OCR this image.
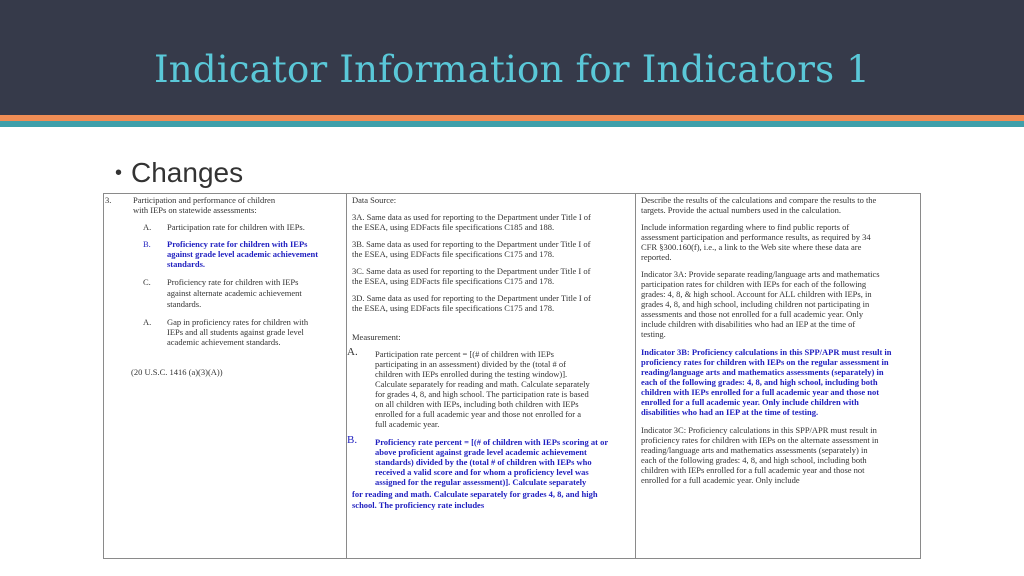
Indicator Information for Indicators 1
• Changes
3.	Participation and performance of children
with IEPs on statewide assessments:
A. Participation rate for children with IEPs.
B. Proficiency rate for children with IEPs
against grade level academic achievement
standards.
C. Proficiency rate for children with IEPs
against alternate academic achievement
standards.
A. Gap in proficiency rates for children with
IEPs and all students against grade level
academic achievement standards.
(20 U.S.C. 1416 (a)(3)(A))
Data Source:
3A. Same data as used for reporting to the Department under Title I of
the ESEA, using EDFacts file specifications C185 and 188.
3B. Same data as used for reporting to the Department under Title I of
the ESEA, using EDFacts file specifications C175 and 178.
3C. Same data as used for reporting to the Department under Title I of
the ESEA, using EDFacts file specifications C175 and 178.
3D. Same data as used for reporting to the Department under Title I of
the ESEA, using EDFacts file specifications C175 and 178.
Measurement:
A. Participation rate percent = [(# of children with IEPs
participating in an assessment) divided by the (total # of
children with IEPs enrolled during the testing window)].
Calculate separately for reading and math. Calculate separately
for grades 4, 8, and high school. The participation rate is based
on all children with IEPs, including both children with IEPs
enrolled for a full academic year and those not enrolled for a
full academic year.
B. Proficiency rate percent = [(# of children with IEPs scoring at or
above proficient against grade level academic achievement
standards) divided by the (total # of children with IEPs who
received a valid score and for whom a proficiency level was
assigned for the regular assessment)]. Calculate separately
for reading and math. Calculate separately for grades 4, 8, and high
school. The proficiency rate includes
Describe the results of the calculations and compare the results to the
targets. Provide the actual numbers used in the calculation.
Include information regarding where to find public reports of
assessment participation and performance results, as required by 34
CFR §300.160(f), i.e., a link to the Web site where these data are
reported.
Indicator 3A: Provide separate reading/language arts and mathematics
participation rates for children with IEPs for each of the following
grades: 4, 8, & high school. Account for ALL children with IEPs, in
grades 4, 8, and high school, including children not participating in
assessments and those not enrolled for a full academic year. Only
include children with disabilities who had an IEP at the time of
testing.
Indicator 3B: Proficiency calculations in this SPP/APR must result in
proficiency rates for children with IEPs on the regular assessment in
reading/language arts and mathematics assessments (separately) in
each of the following grades: 4, 8, and high school, including both
children with IEPs enrolled for a full academic year and those not
enrolled for a full academic year. Only include children with
disabilities who had an IEP at the time of testing.
Indicator 3C: Proficiency calculations in this SPP/APR must result in
proficiency rates for children with IEPs on the alternate assessment in
reading/language arts and mathematics assessments (separately) in
each of the following grades: 4, 8, and high school, including both
children with IEPs enrolled for a full academic year and those not
enrolled for a full academic year. Only include
